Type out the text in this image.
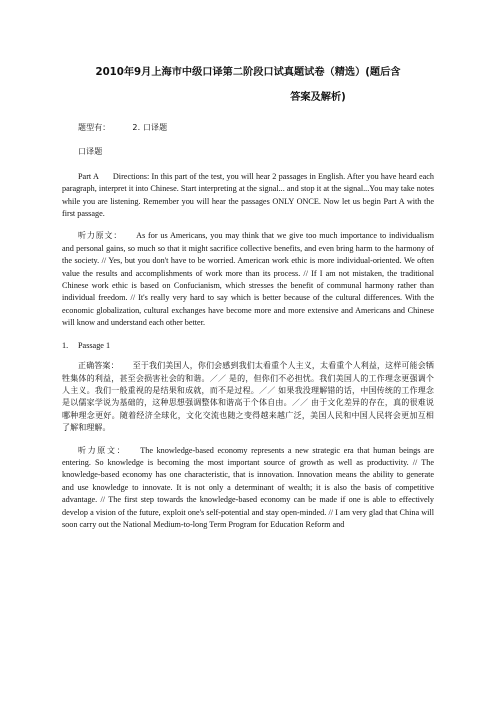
2010年9月上海市中级口译第二阶段口试真题试卷（精选）(题后含
答案及解析)
题型有：	2. 口译题
口译题

Part A Directions: In this part of the test, you will hear 2 passages in English. After you have heard each paragraph, interpret it into Chinese. Start interpreting at the signal... and stop it at the signal...You may take notes while you are listening. Remember you will hear the passages ONLY ONCE. Now let us begin Part A with the first passage.

听力原文： As for us Americans, you may think that we give too much importance to individualism and personal gains, so much so that it might sacrifice collective benefits, and even bring harm to the harmony of the society. // Yes, but you don't have to be worried. American work ethic is more individual-oriented. We often value the results and accomplishments of work more than its process. // If I am not mistaken, the traditional Chinese work ethic is based on Confucianism, which stresses the benefit of communal harmony rather than individual freedom. // It's really very hard to say which is better because of the cultural differences. With the economic globalization, cultural exchanges have become more and more extensive and Americans and Chinese will know and understand each other better.

1. Passage 1

正确答案： 至于我们美国人，你们会感到我们太看重个人主义，太看重个人利益，这样可能会牺牲集体的利益，甚至会损害社会的和谐。／／ 是的，但你们不必担忧。我们美国人的工作理念更强调个人主义。我们一般重视的是结果和成就，而不是过程。／／ 如果我没理解错的话，中国传统的工作理念是以儒家学说为基础的，这种思想强调整体和谐高于个体自由。／／ 由于文化差异的存在，真的很难说哪种理念更好。随着经济全球化，文化交流也随之变得越来越广泛，美国人民和中国人民将会更加互相了解和理解。

听力原文： The knowledge-based economy represents a new strategic era that human beings are entering. So knowledge is becoming the most important source of growth as well as productivity. // The knowledge-based economy has one characteristic, that is innovation. Innovation means the ability to generate and use knowledge to innovate. It is not only a determinant of wealth; it is also the basis of competitive advantage. // The first step towards the knowledge-based economy can be made if one is able to effectively develop a vision of the future, exploit one's self-potential and stay open-minded. // I am very glad that China will soon carry out the National Medium-to-long Term Program for Education Reform and
